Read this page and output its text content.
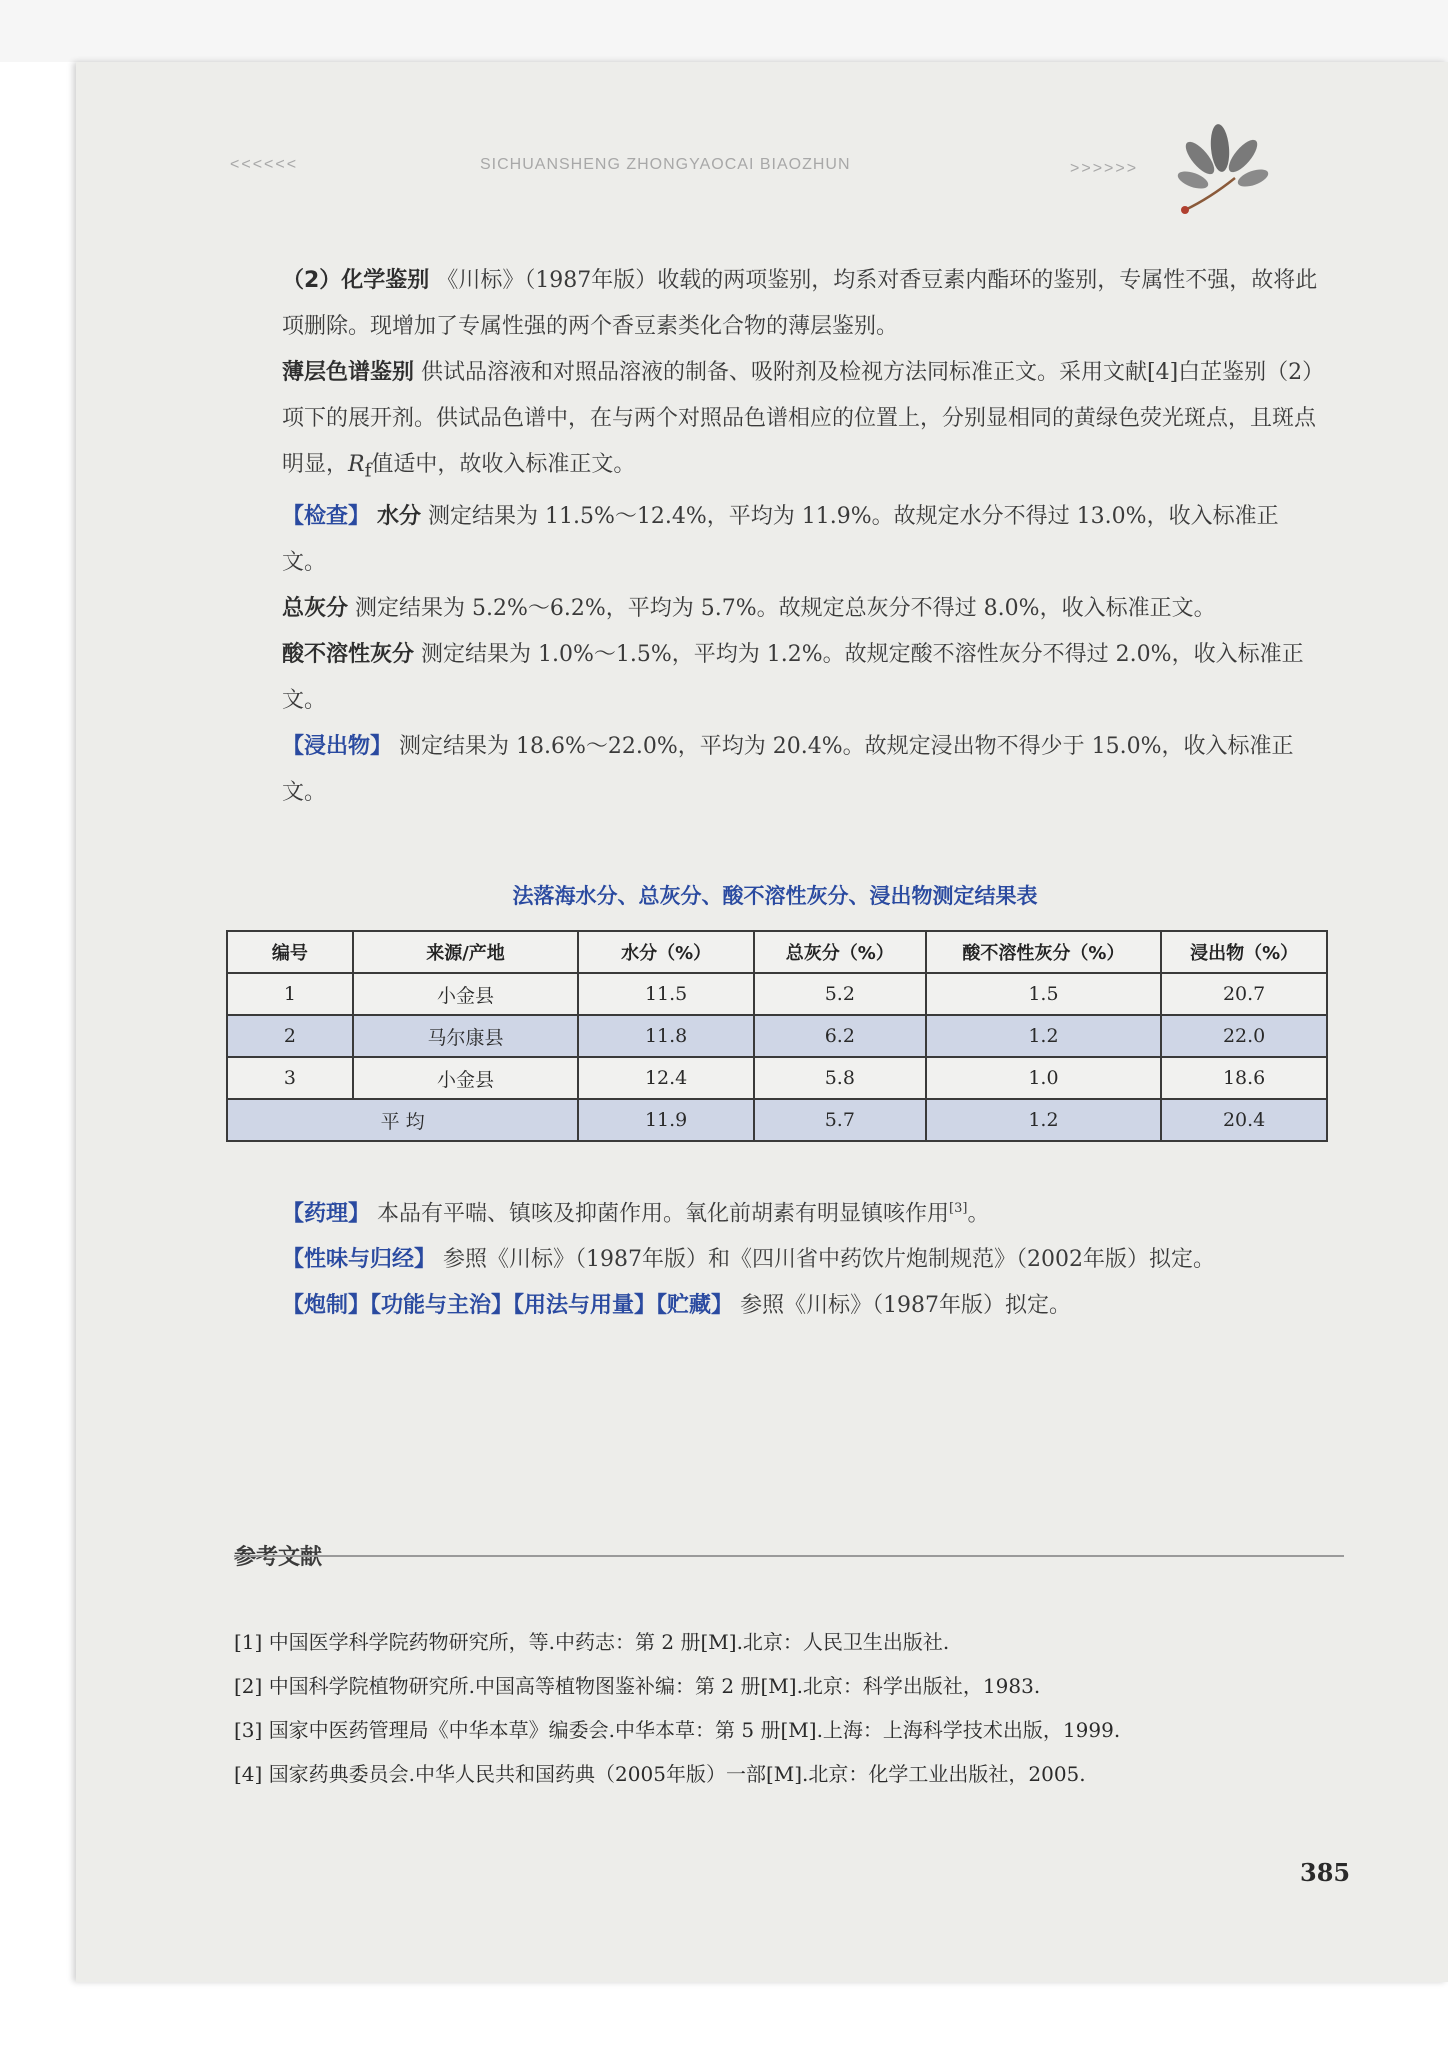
<<<<<<	SICHUANSHENG ZHONGYAOCAI BIAOZHUN	>>>>>>

（2）化学鉴别 《川标》（1987年版）收载的两项鉴别，均系对香豆素内酯环的鉴别，专属性不强，故将此项删除。现增加了专属性强的两个香豆素类化合物的薄层鉴别。

薄层色谱鉴别 供试品溶液和对照品溶液的制备、吸附剂及检视方法同标准正文。采用文献[4]白芷鉴别（2）项下的展开剂。供试品色谱中，在与两个对照品色谱相应的位置上，分别显相同的黄绿色荧光斑点，且斑点明显，$R_f$值适中，故收入标准正文。

【检查】 水分 测定结果为 11.5%～12.4%，平均为 11.9%。故规定水分不得过 13.0%，收入标准正文。

总灰分 测定结果为 5.2%～6.2%，平均为 5.7%。故规定总灰分不得过 8.0%，收入标准正文。

酸不溶性灰分 测定结果为 1.0%～1.5%，平均为 1.2%。故规定酸不溶性灰分不得过 2.0%，收入标准正文。

【浸出物】 测定结果为 18.6%～22.0%，平均为 20.4%。故规定浸出物不得少于 15.0%，收入标准正文。

法落海水分、总灰分、酸不溶性灰分、浸出物测定结果表
编号	来源/产地	水分（%）	总灰分（%）	酸不溶性灰分（%）	浸出物（%）
1	小金县	11.5	5.2	1.5	20.7
2	马尔康县	11.8	6.2	1.2	22.0
3	小金县	12.4	5.8	1.0	18.6
平 均		11.9	5.7	1.2	20.4

【药理】 本品有平喘、镇咳及抑菌作用。氧化前胡素有明显镇咳作用[3]。

【性味与归经】 参照《川标》（1987年版）和《四川省中药饮片炮制规范》（2002年版）拟定。

【炮制】【功能与主治】【用法与用量】【贮藏】 参照《川标》（1987年版）拟定。

参考文献
[1] 中国医学科学院药物研究所，等.中药志：第 2 册[M].北京：人民卫生出版社.
[2] 中国科学院植物研究所.中国高等植物图鉴补编：第 2 册[M].北京：科学出版社，1983.
[3] 国家中医药管理局《中华本草》编委会.中华本草：第 5 册[M].上海：上海科学技术出版，1999.
[4] 国家药典委员会.中华人民共和国药典（2005年版）一部[M].北京：化学工业出版社，2005.
385
